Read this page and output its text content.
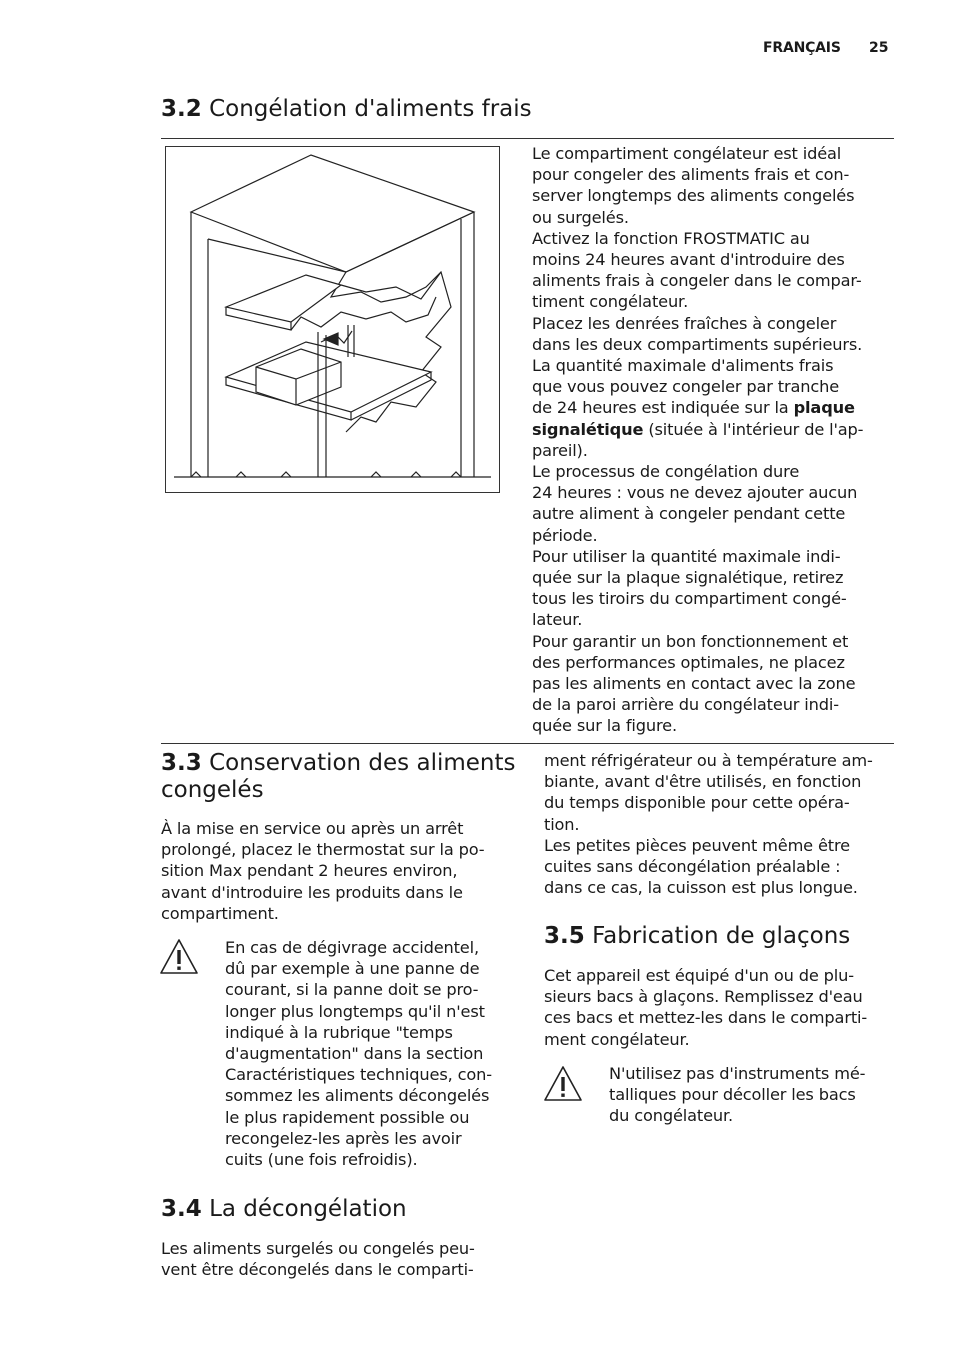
FRANÇAIS 25
3.2 Congélation d'aliments frais

Le compartiment congélateur est idéal

pour congeler des aliments frais et con-

server longtemps des aliments congelés

ou surgelés.

Activez la fonction FROSTMATIC au

moins 24 heures avant d'introduire des

aliments frais à congeler dans le compar-

timent congélateur.

Placez les denrées fraîches à congeler

dans les deux compartiments supérieurs.

La quantité maximale d'aliments frais

que vous pouvez congeler par tranche

de 24 heures est indiquée sur la plaque

signalétique (située à l'intérieur de l'ap-

pareil).

Le processus de congélation dure

24 heures : vous ne devez ajouter aucun

autre aliment à congeler pendant cette

période.

Pour utiliser la quantité maximale indi-

quée sur la plaque signalétique, retirez

tous les tiroirs du compartiment congé-

lateur.

Pour garantir un bon fonctionnement et

des performances optimales, ne placez

pas les aliments en contact avec la zone

de la paroi arrière du congélateur indi-

quée sur la figure.

3.3 Conservation des aliments
congelés

À la mise en service ou après un arrêt

prolongé, placez le thermostat sur la po-

sition Max pendant 2 heures environ,

avant d'introduire les produits dans le

compartiment.

En cas de dégivrage accidentel,

dû par exemple à une panne de

courant, si la panne doit se pro-

longer plus longtemps qu'il n'est

indiqué à la rubrique "temps

d'augmentation" dans la section

Caractéristiques techniques, con-

sommez les aliments décongelés

le plus rapidement possible ou

recongelez-les après les avoir

cuits (une fois refroidis).

3.4 La décongélation

Les aliments surgelés ou congelés peu-

vent être décongelés dans le comparti-

ment réfrigérateur ou à température am-

biante, avant d'être utilisés, en fonction

du temps disponible pour cette opéra-

tion.

Les petites pièces peuvent même être

cuites sans décongélation préalable :

dans ce cas, la cuisson est plus longue.

3.5 Fabrication de glaçons

Cet appareil est équipé d'un ou de plu-

sieurs bacs à glaçons. Remplissez d'eau

ces bacs et mettez-les dans le comparti-

ment congélateur.

N'utilisez pas d'instruments mé-

talliques pour décoller les bacs

du congélateur.
